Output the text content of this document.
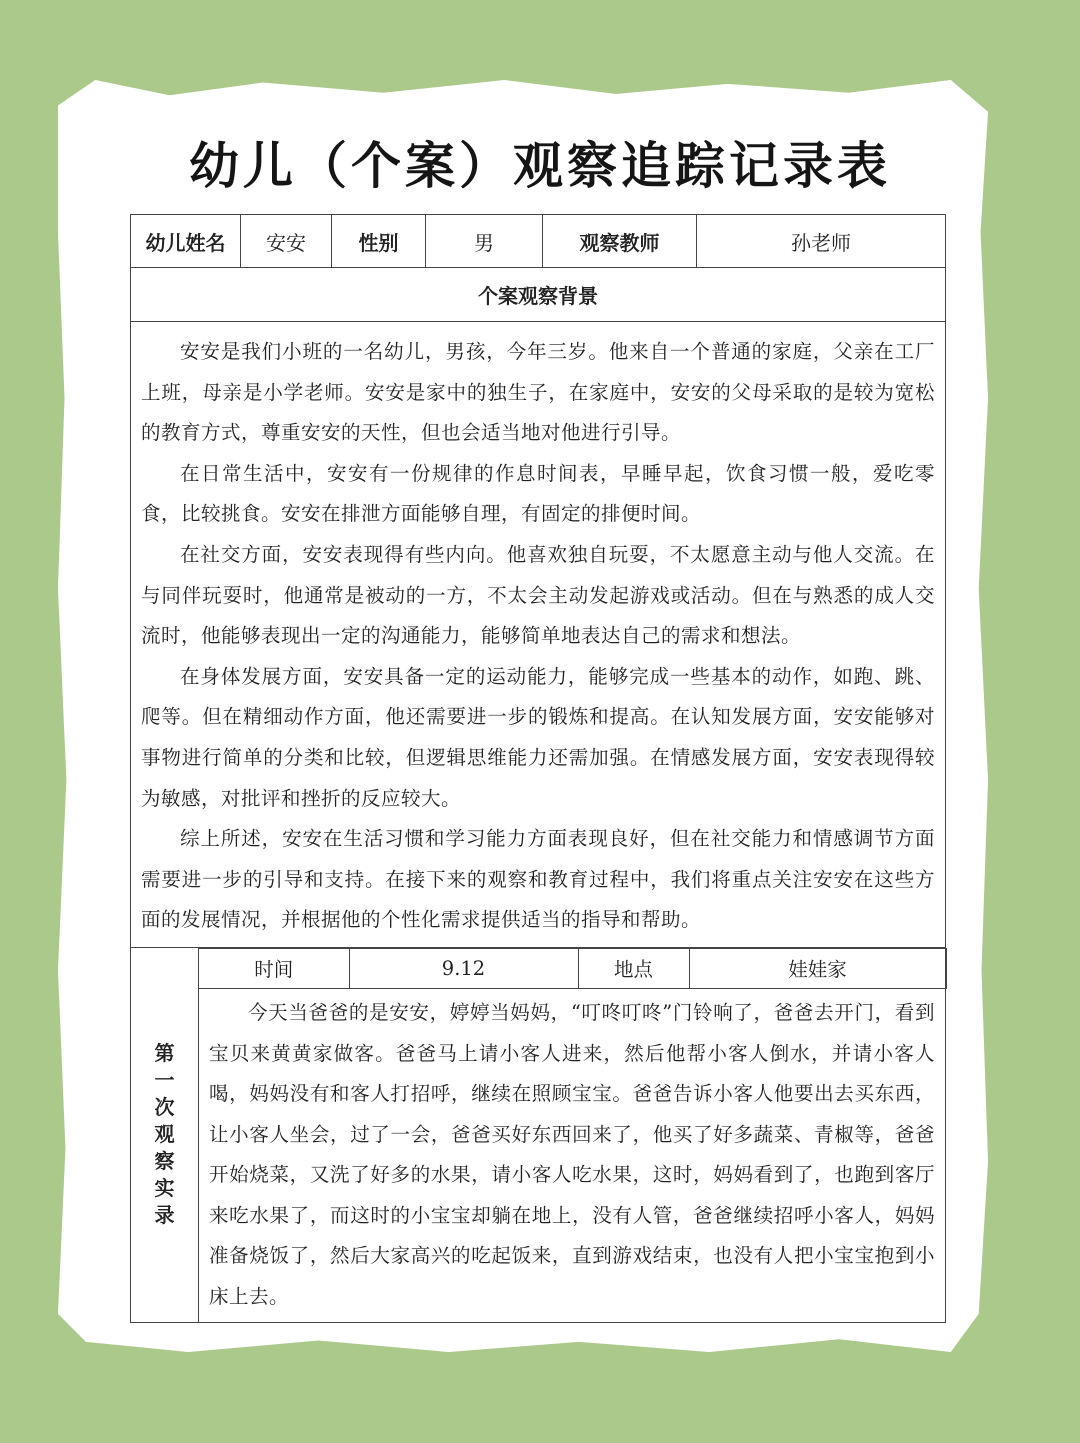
幼儿（个案）观察追踪记录表
幼儿姓名	安安	性别	男	观察教师	孙老师
个案观察背景

安安是我们小班的一名幼儿，男孩，今年三岁。他来自一个普通的家庭，父亲在工厂上班，母亲是小学老师。安安是家中的独生子，在家庭中，安安的父母采取的是较为宽松的教育方式，尊重安安的天性，但也会适当地对他进行引导。

在日常生活中，安安有一份规律的作息时间表，早睡早起，饮食习惯一般，爱吃零食，比较挑食。安安在排泄方面能够自理，有固定的排便时间。

在社交方面，安安表现得有些内向。他喜欢独自玩耍，不太愿意主动与他人交流。在与同伴玩耍时，他通常是被动的一方，不太会主动发起游戏或活动。但在与熟悉的成人交流时，他能够表现出一定的沟通能力，能够简单地表达自己的需求和想法。

在身体发展方面，安安具备一定的运动能力，能够完成一些基本的动作，如跑、跳、爬等。但在精细动作方面，他还需要进一步的锻炼和提高。在认知发展方面，安安能够对事物进行简单的分类和比较，但逻辑思维能力还需加强。在情感发展方面，安安表现得较为敏感，对批评和挫折的反应较大。

综上所述，安安在生活习惯和学习能力方面表现良好，但在社交能力和情感调节方面需要进一步的引导和支持。在接下来的观察和教育过程中，我们将重点关注安安在这些方面的发展情况，并根据他的个性化需求提供适当的指导和帮助。

第
一
次
观
察
实
录

时间	9.12	地点	娃娃家

今天当爸爸的是安安，婷婷当妈妈，“叮咚叮咚”门铃响了，爸爸去开门，看到宝贝来黄黄家做客。爸爸马上请小客人进来，然后他帮小客人倒水，并请小客人喝，妈妈没有和客人打招呼，继续在照顾宝宝。爸爸告诉小客人他要出去买东西，让小客人坐会，过了一会，爸爸买好东西回来了，他买了好多蔬菜、青椒等，爸爸开始烧菜，又洗了好多的水果，请小客人吃水果，这时，妈妈看到了，也跑到客厅来吃水果了，而这时的小宝宝却躺在地上，没有人管，爸爸继续招呼小客人，妈妈准备烧饭了，然后大家高兴的吃起饭来，直到游戏结束，也没有人把小宝宝抱到小床上去。
